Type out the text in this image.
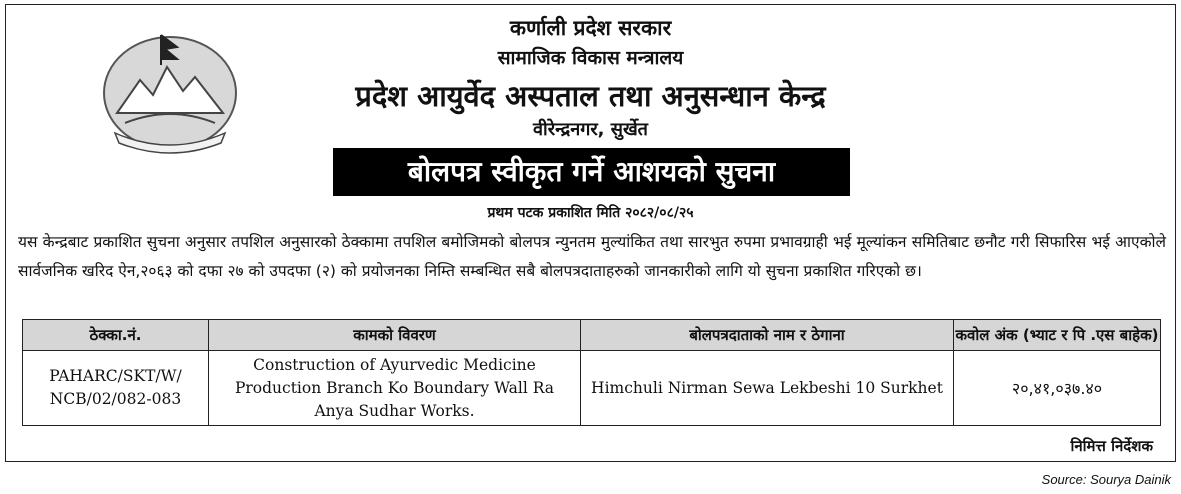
कर्णाली प्रदेश सरकार
सामाजिक विकास मन्त्रालय
प्रदेश आयुर्वेद अस्पताल तथा अनुसन्धान केन्द्र
वीरेन्द्रनगर, सुर्खेत
बोलपत्र स्वीकृत गर्ने आशयको सुचना
प्रथम पटक प्रकाशित मिति २०८२/०८/२५
यस केन्द्रबाट प्रकाशित सुचना अनुसार तपशिल अनुसारको ठेक्कामा तपशिल बमोजिमको बोलपत्र न्युनतम मुल्यांकित तथा सारभुत रुपमा प्रभावग्राही भई मूल्यांकन समितिबाट छनौट गरी सिफारिस भई आएकोले सार्वजनिक खरिद ऐन,२०६३ को दफा २७ को उपदफा (२) को प्रयोजनका निम्ति सम्बन्धित सबै बोलपत्रदाताहरुको जानकारीको लागि यो सुचना प्रकाशित गरिएको छ।
ठेक्का.नं.	कामको विवरण	बोलपत्रदाताको नाम र ठेगाना	कवोल अंक (भ्याट र पि .एस बाहेक)
PAHARC/SKT/W/ NCB/02/082-083	Construction of Ayurvedic Medicine Production Branch Ko Boundary Wall Ra Anya Sudhar Works.	Himchuli Nirman Sewa Lekbeshi 10 Surkhet	२०,४१,०३७.४०
निमित्त निर्देशक
Source: Sourya Dainik
